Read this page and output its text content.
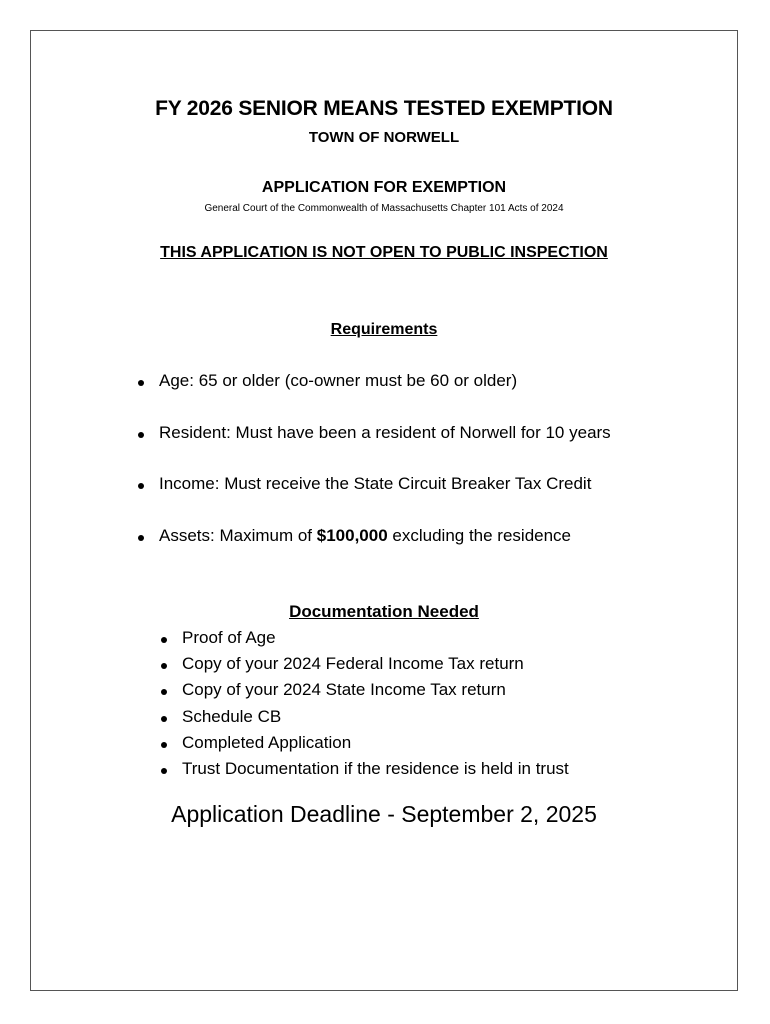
FY 2026 SENIOR MEANS TESTED EXEMPTION
TOWN OF NORWELL
APPLICATION FOR EXEMPTION
General Court of the Commonwealth of Massachusetts Chapter 101 Acts of 2024
THIS APPLICATION IS NOT OPEN TO PUBLIC INSPECTION
Requirements
Age: 65 or older (co-owner must be 60 or older)
Resident: Must have been a resident of Norwell for 10 years
Income: Must receive the State Circuit Breaker Tax Credit
Assets: Maximum of $100,000 excluding the residence
Documentation Needed
Proof of Age
Copy of your 2024 Federal Income Tax return
Copy of your 2024 State Income Tax return
Schedule CB
Completed Application
Trust Documentation if the residence is held in trust
Application Deadline - September 2, 2025
